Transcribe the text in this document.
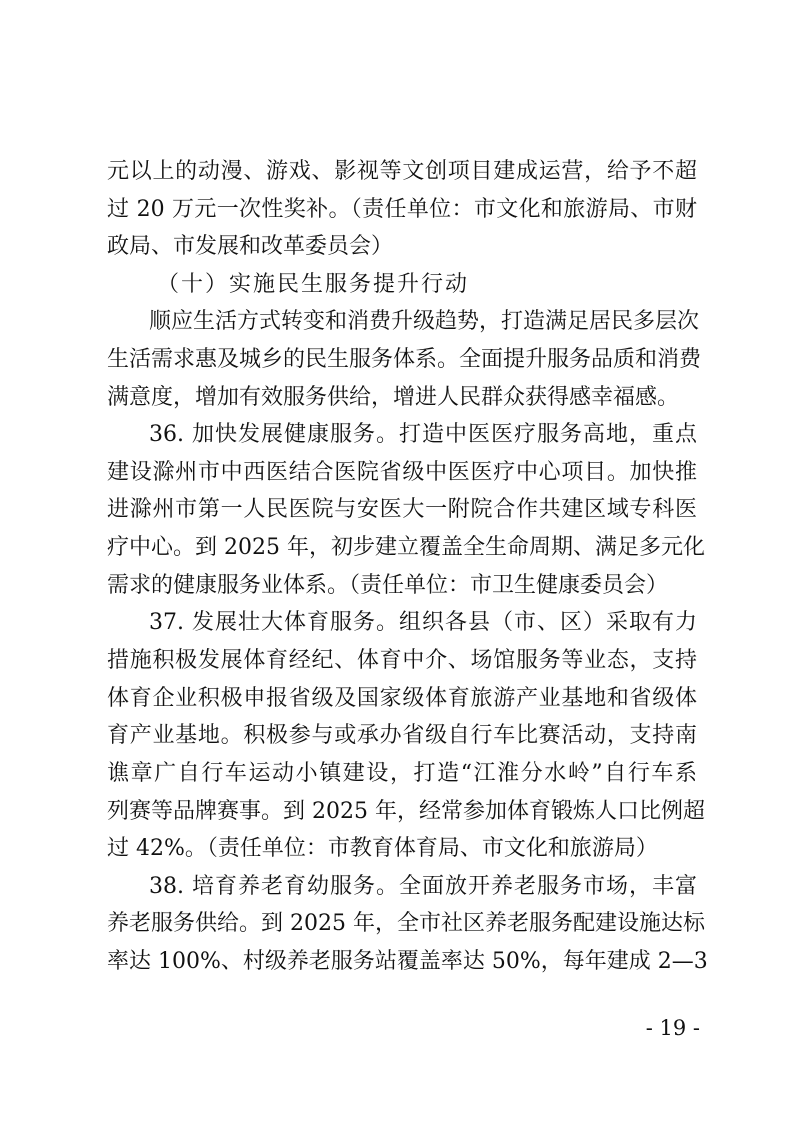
元以上的动漫、游戏、影视等文创项目建成运营，给予不超
过 20 万元一次性奖补。（责任单位：市文化和旅游局、市财
政局、市发展和改革委员会）
（十）实施民生服务提升行动
顺应生活方式转变和消费升级趋势，打造满足居民多层次
生活需求惠及城乡的民生服务体系。全面提升服务品质和消费
满意度，增加有效服务供给，增进人民群众获得感幸福感。
36. 加快发展健康服务。打造中医医疗服务高地，重点
建设滁州市中西医结合医院省级中医医疗中心项目。加快推
进滁州市第一人民医院与安医大一附院合作共建区域专科医
疗中心。到 2025 年，初步建立覆盖全生命周期、满足多元化
需求的健康服务业体系。（责任单位：市卫生健康委员会）
37. 发展壮大体育服务。组织各县（市、区）采取有力
措施积极发展体育经纪、体育中介、场馆服务等业态，支持
体育企业积极申报省级及国家级体育旅游产业基地和省级体
育产业基地。积极参与或承办省级自行车比赛活动，支持南
谯章广自行车运动小镇建设，打造“江淮分水岭”自行车系
列赛等品牌赛事。到 2025 年，经常参加体育锻炼人口比例超
过 42%。（责任单位：市教育体育局、市文化和旅游局）
38. 培育养老育幼服务。全面放开养老服务市场，丰富
养老服务供给。到 2025 年，全市社区养老服务配建设施达标
率达 100%、村级养老服务站覆盖率达 50%，每年建成 2—3
- 19 -
